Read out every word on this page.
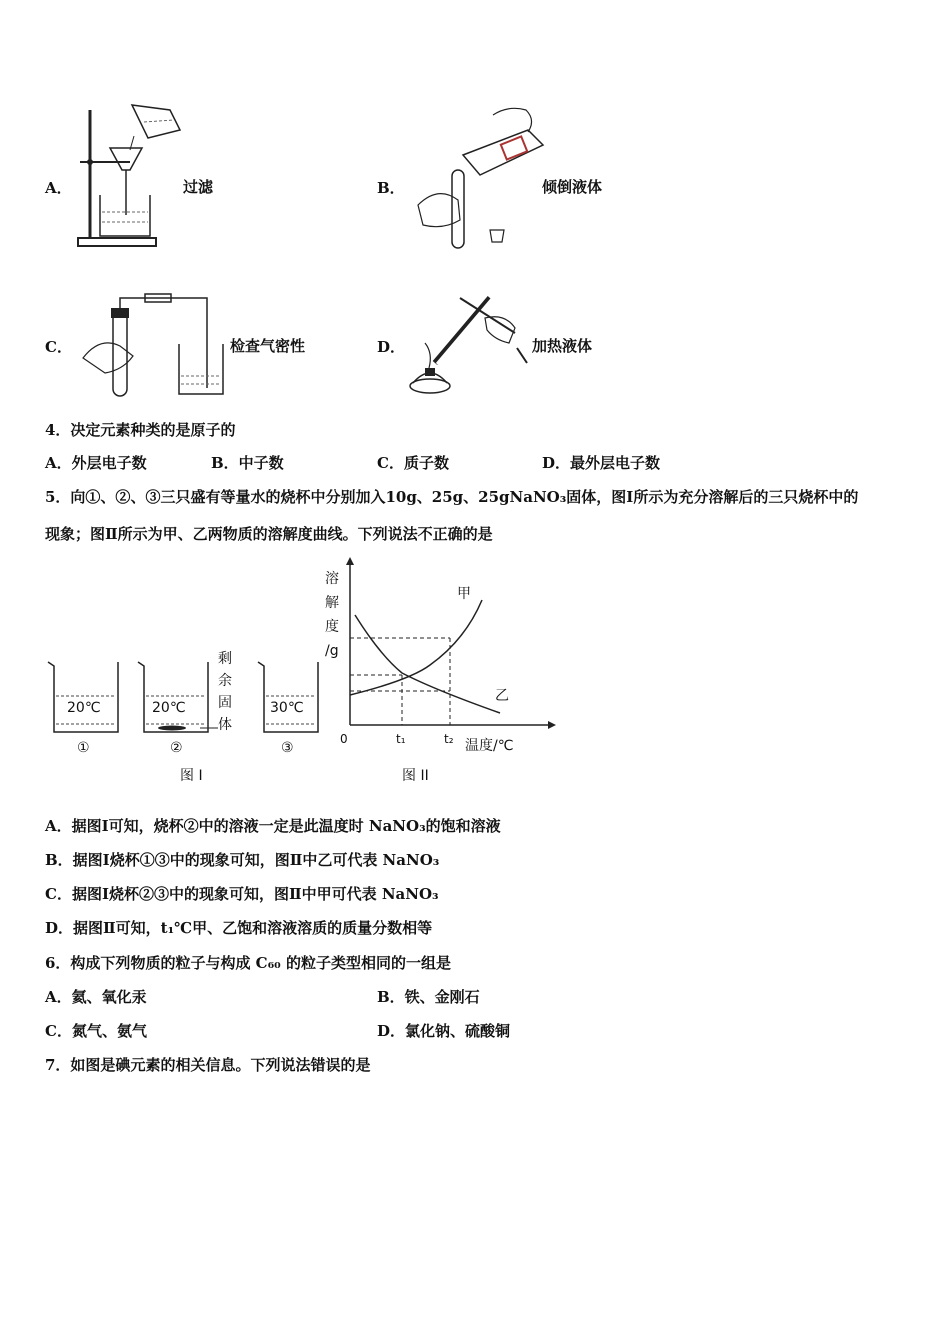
A．	过滤	B．	倾倒液体
C．	检查气密性	D．	加热液体
4．决定元素种类的是原子的
A．外层电子数	B．中子数	C．质子数	D．最外层电子数
5．向①、②、③三只盛有等量水的烧杯中分别加入10g、25g、25gNaNO₃固体，图Ⅰ所示为充分溶解后的三只烧杯中的
现象；图Ⅱ所示为甲、乙两物质的溶解度曲线。下列说法不正确的是
20℃	20℃	30℃
①	②	③
剩
余
固
体
图 I
溶
解
度
/g
甲
乙
0	t₁	t₂ 温度/℃
图 II
A．据图Ⅰ可知，烧杯②中的溶液一定是此温度时 NaNO₃的饱和溶液
B．据图Ⅰ烧杯①③中的现象可知，图Ⅱ中乙可代表 NaNO₃
C．据图Ⅰ烧杯②③中的现象可知，图Ⅱ中甲可代表 NaNO₃
D．据图Ⅱ可知，t₁℃甲、乙饱和溶液溶质的质量分数相等
6．构成下列物质的粒子与构成 C₆₀ 的粒子类型相同的一组是
A．氦、氧化汞	B．铁、金刚石
C．氮气、氨气	D．氯化钠、硫酸铜
7．如图是碘元素的相关信息。下列说法错误的是
